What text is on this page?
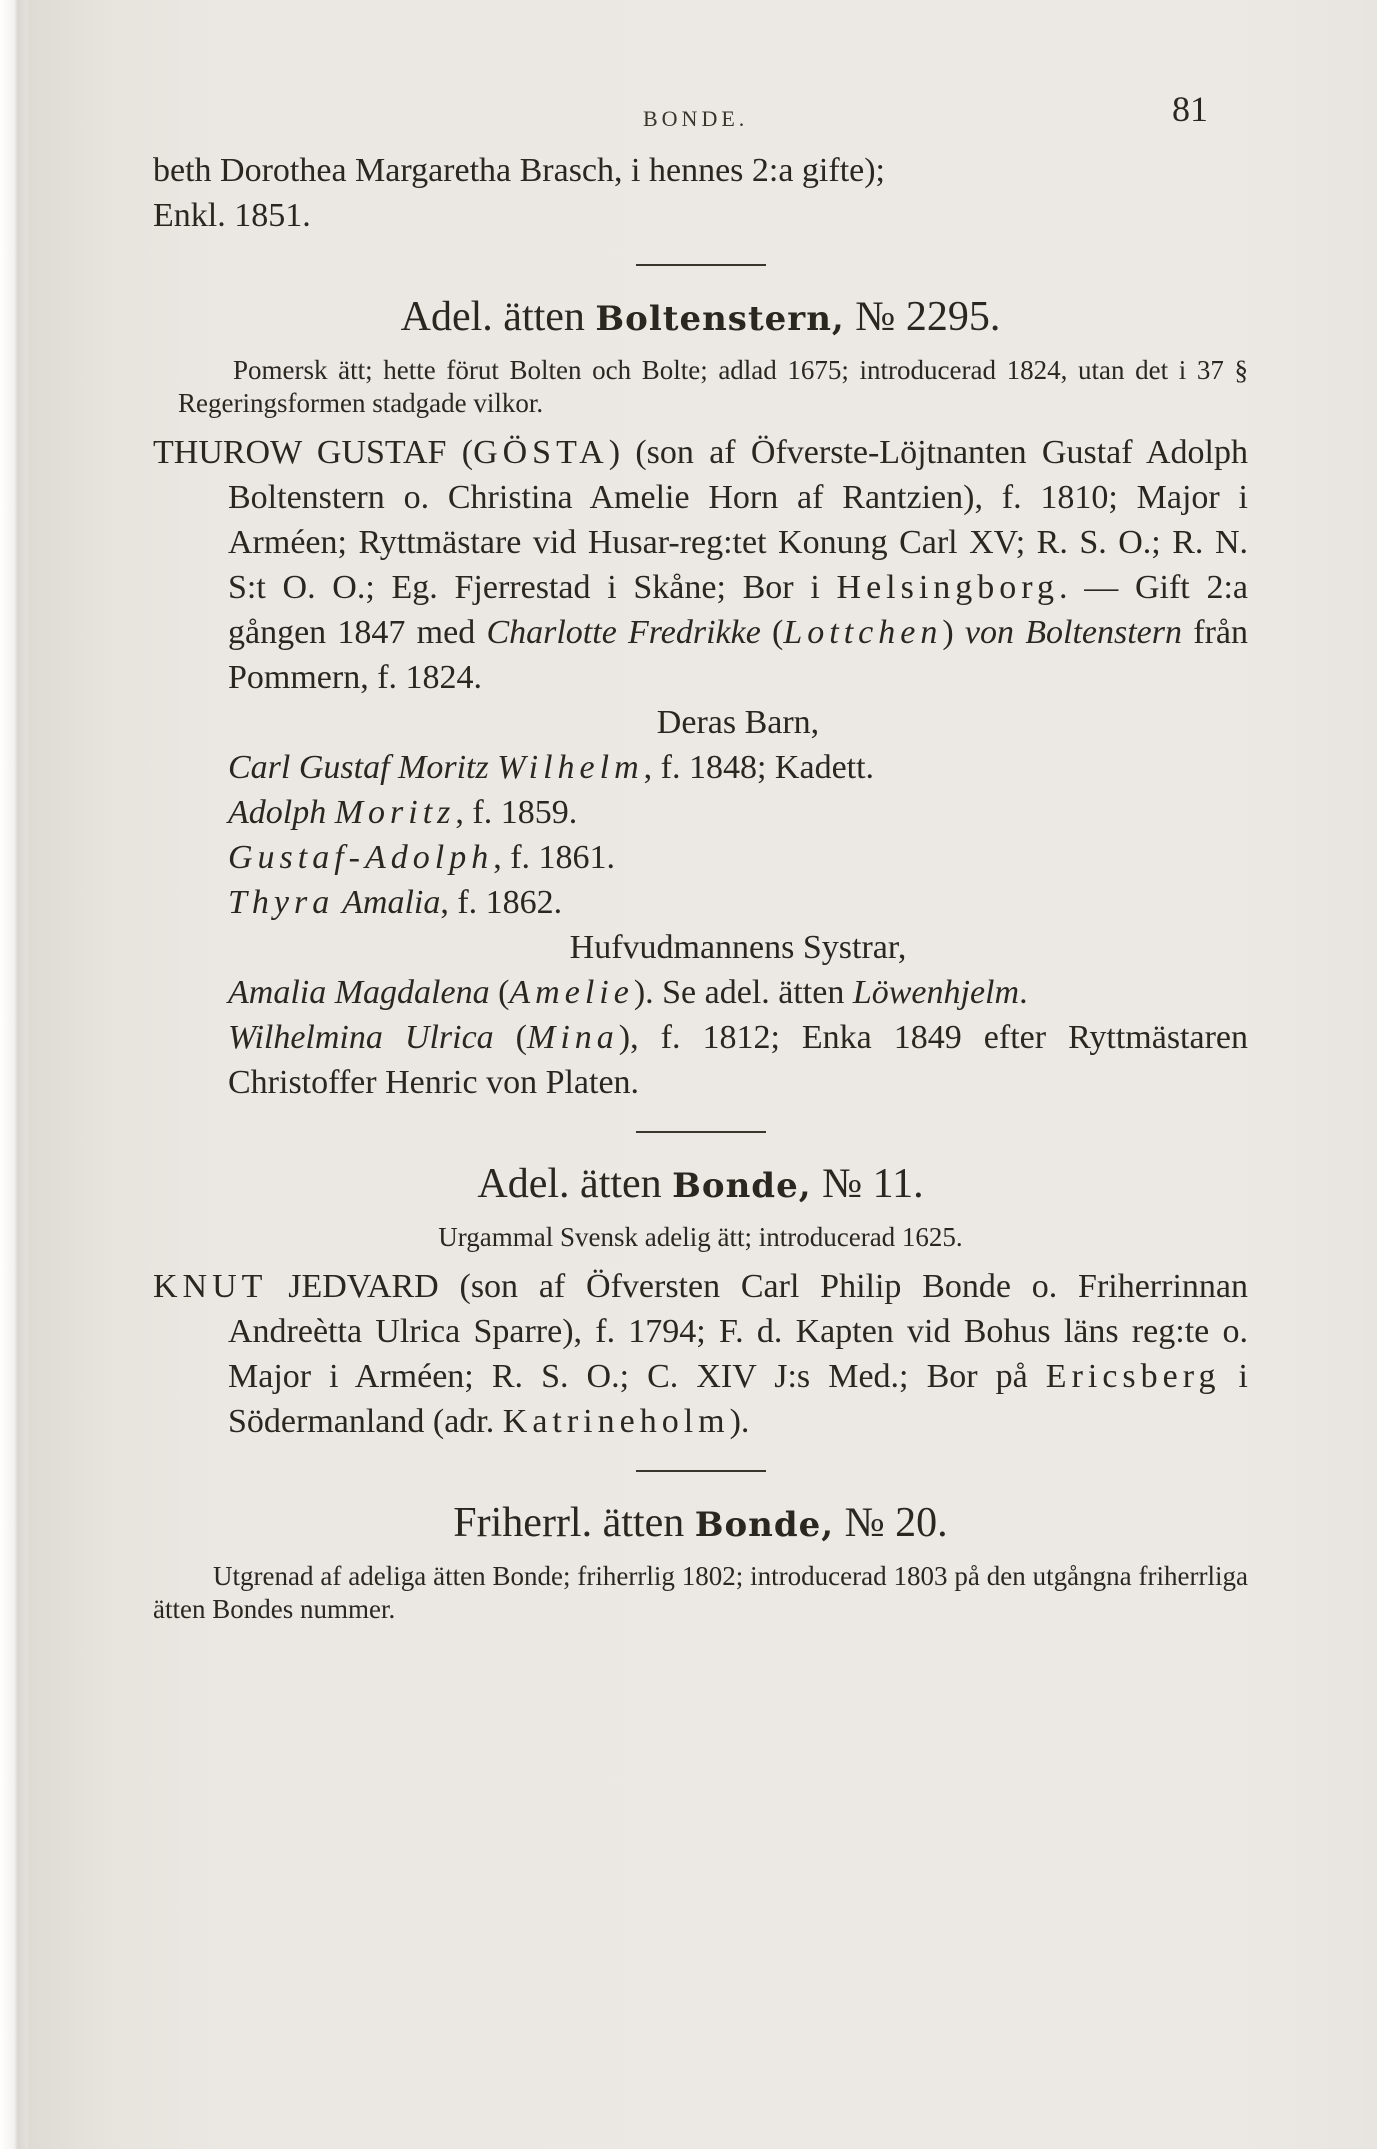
BONDE.	81

beth Dorothea Margaretha Brasch, i hennes 2:a gifte);
Enkl. 1851.

Adel. ätten Boltenstern, № 2295.

Pomersk ätt; hette förut Bolten och Bolte; adlad 1675; introducerad 1824, utan det i 37 § Regeringsformen stadgade vilkor.

THUROW GUSTAF (GÖSTA) (son af Öfverste-Löjtnanten Gustaf Adolph Boltenstern o. Christina Amelie Horn af Rantzien), f. 1810; Major i Arméen; Ryttmästare vid Husar-reg:tet Konung Carl XV; R. S. O.; R. N. S:t O. O.; Eg. Fjerrestad i Skåne; Bor i Helsingborg. — Gift 2:a gången 1847 med Charlotte Fredrikke (Lottchen) von Boltenstern från Pommern, f. 1824.

Deras Barn,

Carl Gustaf Moritz Wilhelm, f. 1848; Kadett.

Adolph Moritz, f. 1859.

Gustaf-Adolph, f. 1861.

Thyra Amalia, f. 1862.

Hufvudmannens Systrar,

Amalia Magdalena (Amelie). Se adel. ätten Löwenhjelm.

Wilhelmina Ulrica (Mina), f. 1812; Enka 1849 efter Ryttmästaren Christoffer Henric von Platen.

Adel. ätten Bonde, № 11.

Urgammal Svensk adelig ätt; introducerad 1625.

KNUT JEDVARD (son af Öfversten Carl Philip Bonde o. Friherrinnan Andreètta Ulrica Sparre), f. 1794; F. d. Kapten vid Bohus läns reg:te o. Major i Arméen; R. S. O.; C. XIV J:s Med.; Bor på Ericsberg i Södermanland (adr. Katrineholm).

Friherrl. ätten Bonde, № 20.

Utgrenad af adeliga ätten Bonde; friherrlig 1802; introducerad 1803 på den utgångna friherrliga ätten Bondes nummer.
